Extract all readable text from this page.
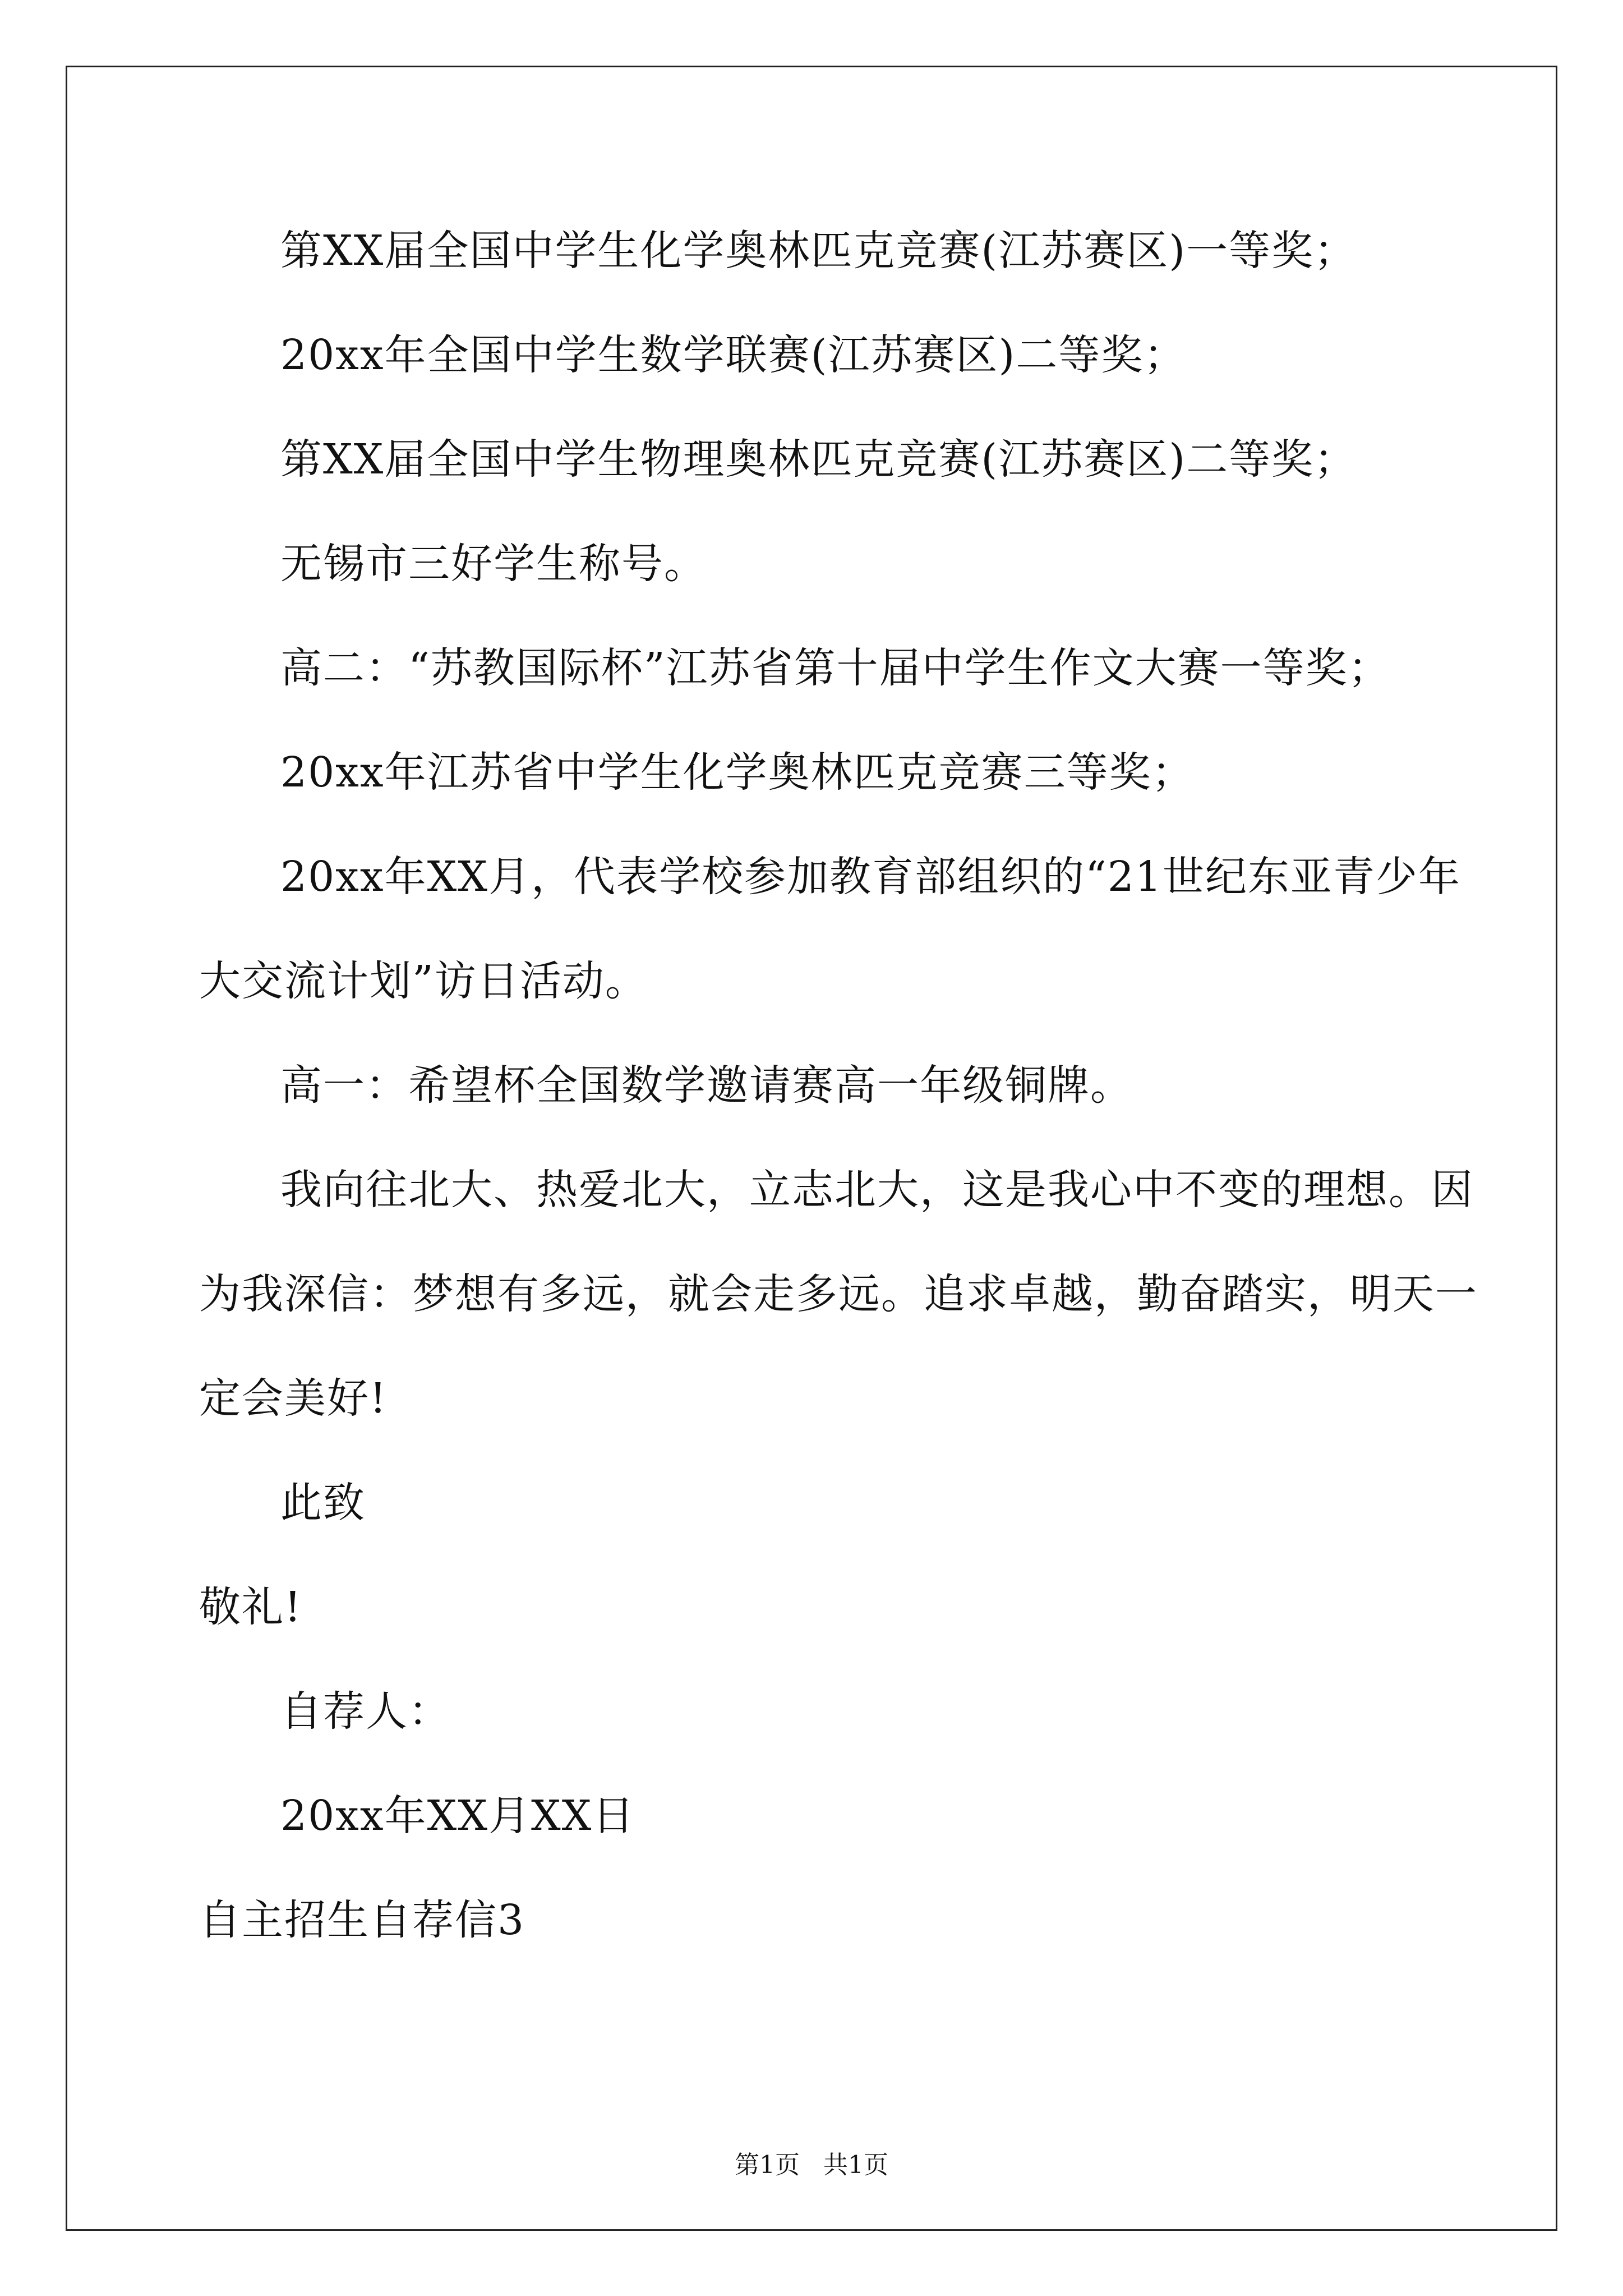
第XX届全国中学生化学奥林匹克竞赛(江苏赛区)一等奖；
20xx年全国中学生数学联赛(江苏赛区)二等奖；
第XX届全国中学生物理奥林匹克竞赛(江苏赛区)二等奖；
无锡市三好学生称号。
高二：“苏教国际杯”江苏省第十届中学生作文大赛一等奖；
20xx年江苏省中学生化学奥林匹克竞赛三等奖；
20xx年XX月，代表学校参加教育部组织的“21世纪东亚青少年
大交流计划”访日活动。
高一：希望杯全国数学邀请赛高一年级铜牌。
我向往北大、热爱北大，立志北大，这是我心中不变的理想。因
为我深信：梦想有多远，就会走多远。追求卓越，勤奋踏实，明天一
定会美好!
此致
敬礼!
自荐人：
20xx年XX月XX日
自主招生自荐信3
第1页   共1页
